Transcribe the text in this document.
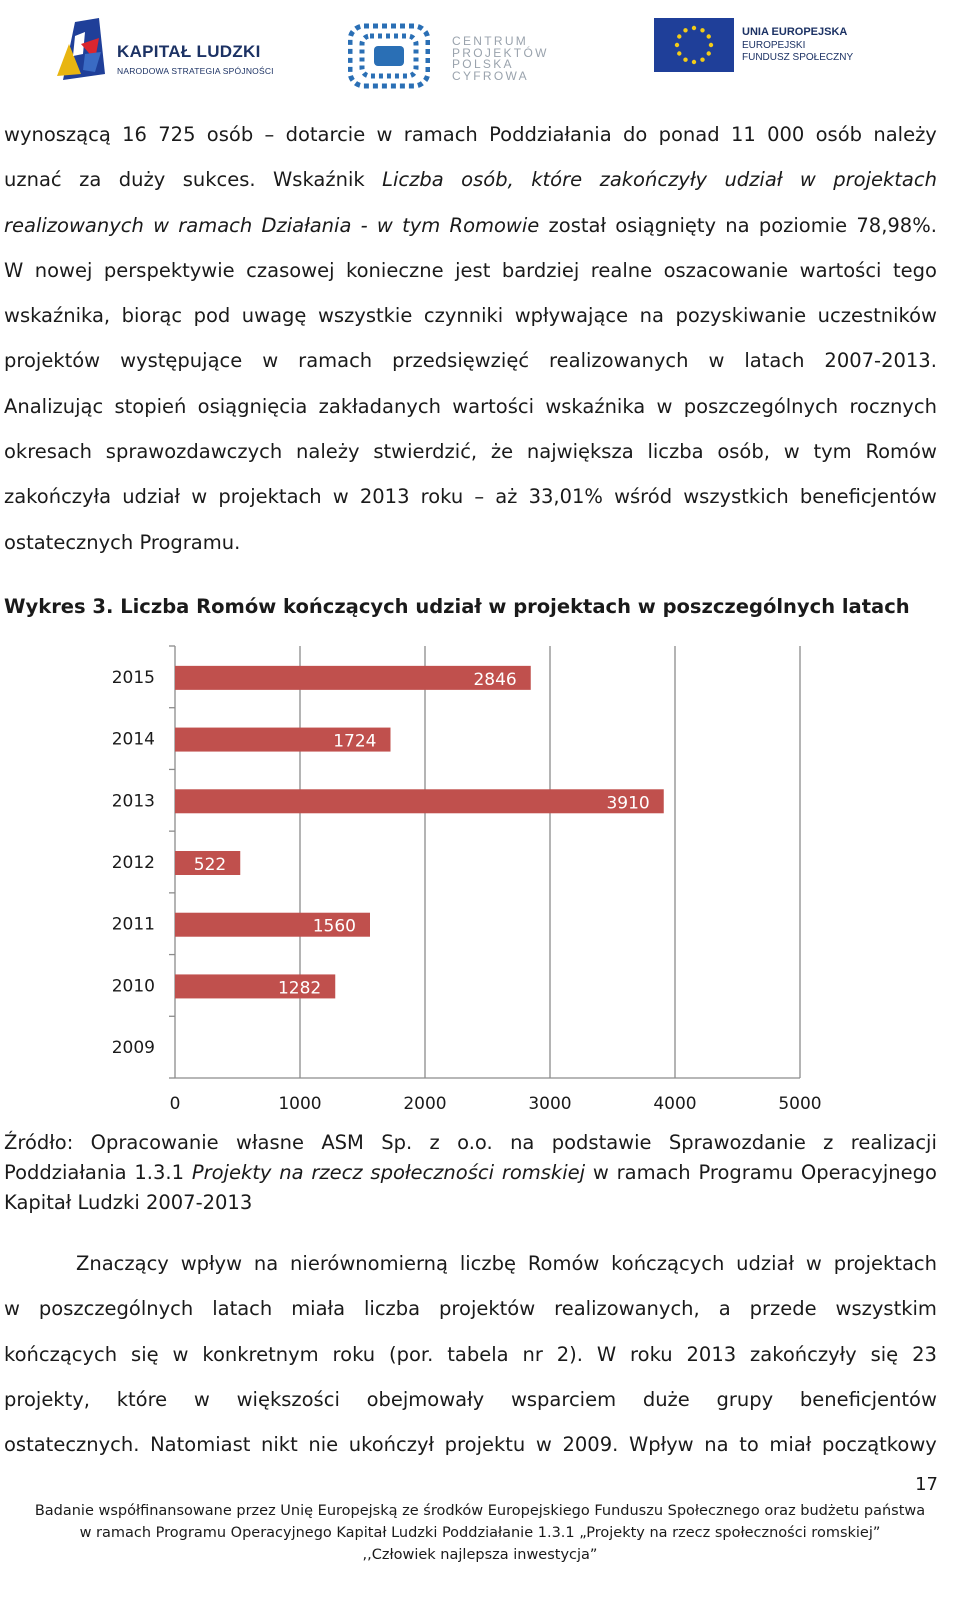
KAPITAŁ LUDZKI
NARODOWA STRATEGIA SPÓJNOŚCI
CENTRUM
PROJEKTÓW
POLSKA
CYFROWA
UNIA EUROPEJSKA
EUROPEJSKI
FUNDUSZ SPOŁECZNY
wynoszącą 16 725 osób – dotarcie w ramach Poddziałania do ponad 11 000 osób należy
uznać za duży sukces. Wskaźnik Liczba osób, które zakończyły udział w projektach
realizowanych w ramach Działania - w tym Romowie został osiągnięty na poziomie 78,98%.
W nowej perspektywie czasowej konieczne jest bardziej realne oszacowanie wartości tego
wskaźnika, biorąc pod uwagę wszystkie czynniki wpływające na pozyskiwanie uczestników
projektów występujące w ramach przedsięwzięć realizowanych w latach 2007-2013.
Analizując stopień osiągnięcia zakładanych wartości wskaźnika w poszczególnych rocznych
okresach sprawozdawczych należy stwierdzić, że największa liczba osób, w tym Romów
zakończyła udział w projektach w 2013 roku – aż 33,01% wśród wszystkich beneficjentów
ostatecznych Programu.
Wykres 3. Liczba Romów kończących udział w projektach w poszczególnych latach
0	1000	2000	3000	4000	5000
2015	2846
2014	1724
2013	3910
2012 522
2011	1560
2010	1282
2009
Źródło: Opracowanie własne ASM Sp. z o.o. na podstawie Sprawozdanie z realizacji
Poddziałania 1.3.1 Projekty na rzecz społeczności romskiej w ramach Programu Operacyjnego
Kapitał Ludzki 2007-2013
Znaczący wpływ na nierównomierną liczbę Romów kończących udział w projektach
w poszczególnych latach miała liczba projektów realizowanych, a przede wszystkim
kończących się w konkretnym roku (por. tabela nr 2). W roku 2013 zakończyły się 23
projekty, które w większości obejmowały wsparciem duże grupy beneficjentów
ostatecznych. Natomiast nikt nie ukończył projektu w 2009. Wpływ na to miał początkowy
17
Badanie współfinansowane przez Unię Europejską ze środków Europejskiego Funduszu Społecznego oraz budżetu państwa
w ramach Programu Operacyjnego Kapitał Ludzki Poddziałanie 1.3.1 „Projekty na rzecz społeczności romskiej”
,,Człowiek najlepsza inwestycja”
